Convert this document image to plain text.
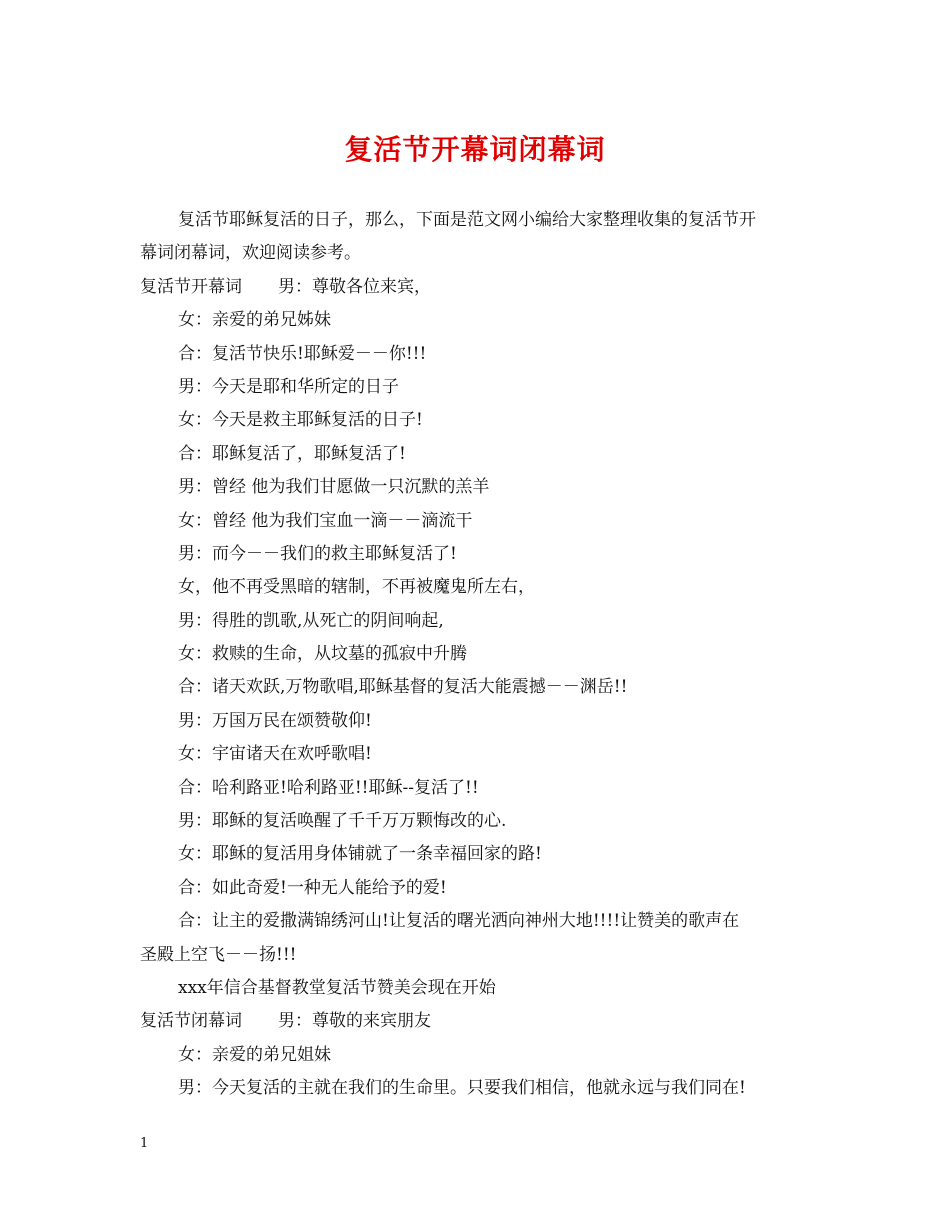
复活节开幕词闭幕词
复活节耶稣复活的日子，那么，下面是范文网小编给大家整理收集的复活节开
幕词闭幕词，欢迎阅读参考。
复活节开幕词 男：尊敬各位来宾，
女：亲爱的弟兄姊妹
合：复活节快乐!耶稣爱－－你!!!
男：今天是耶和华所定的日子
女：今天是救主耶稣复活的日子!
合：耶稣复活了，耶稣复活了!
男：曾经 他为我们甘愿做一只沉默的羔羊
女：曾经 他为我们宝血一滴－－滴流干
男：而今－－我们的救主耶稣复活了!
女，他不再受黑暗的辖制，不再被魔鬼所左右，
男：得胜的凯歌,从死亡的阴间响起,
女：救赎的生命，从坟墓的孤寂中升腾
合：诸天欢跃,万物歌唱,耶稣基督的复活大能震撼－－渊岳!!
男：万国万民在颂赞敬仰!
女：宇宙诸天在欢呼歌唱!
合：哈利路亚!哈利路亚!!耶稣--复活了!!
男：耶稣的复活唤醒了千千万万颗悔改的心.
女：耶稣的复活用身体铺就了一条幸福回家的路!
合：如此奇爱!一种无人能给予的爱!
合：让主的爱撒满锦绣河山!让复活的曙光洒向神州大地!!!!让赞美的歌声在
圣殿上空飞－－扬!!!
xxx年信合基督教堂复活节赞美会现在开始
复活节闭幕词 男：尊敬的来宾朋友
女：亲爱的弟兄姐妹
男：今天复活的主就在我们的生命里。只要我们相信，他就永远与我们同在!
1
